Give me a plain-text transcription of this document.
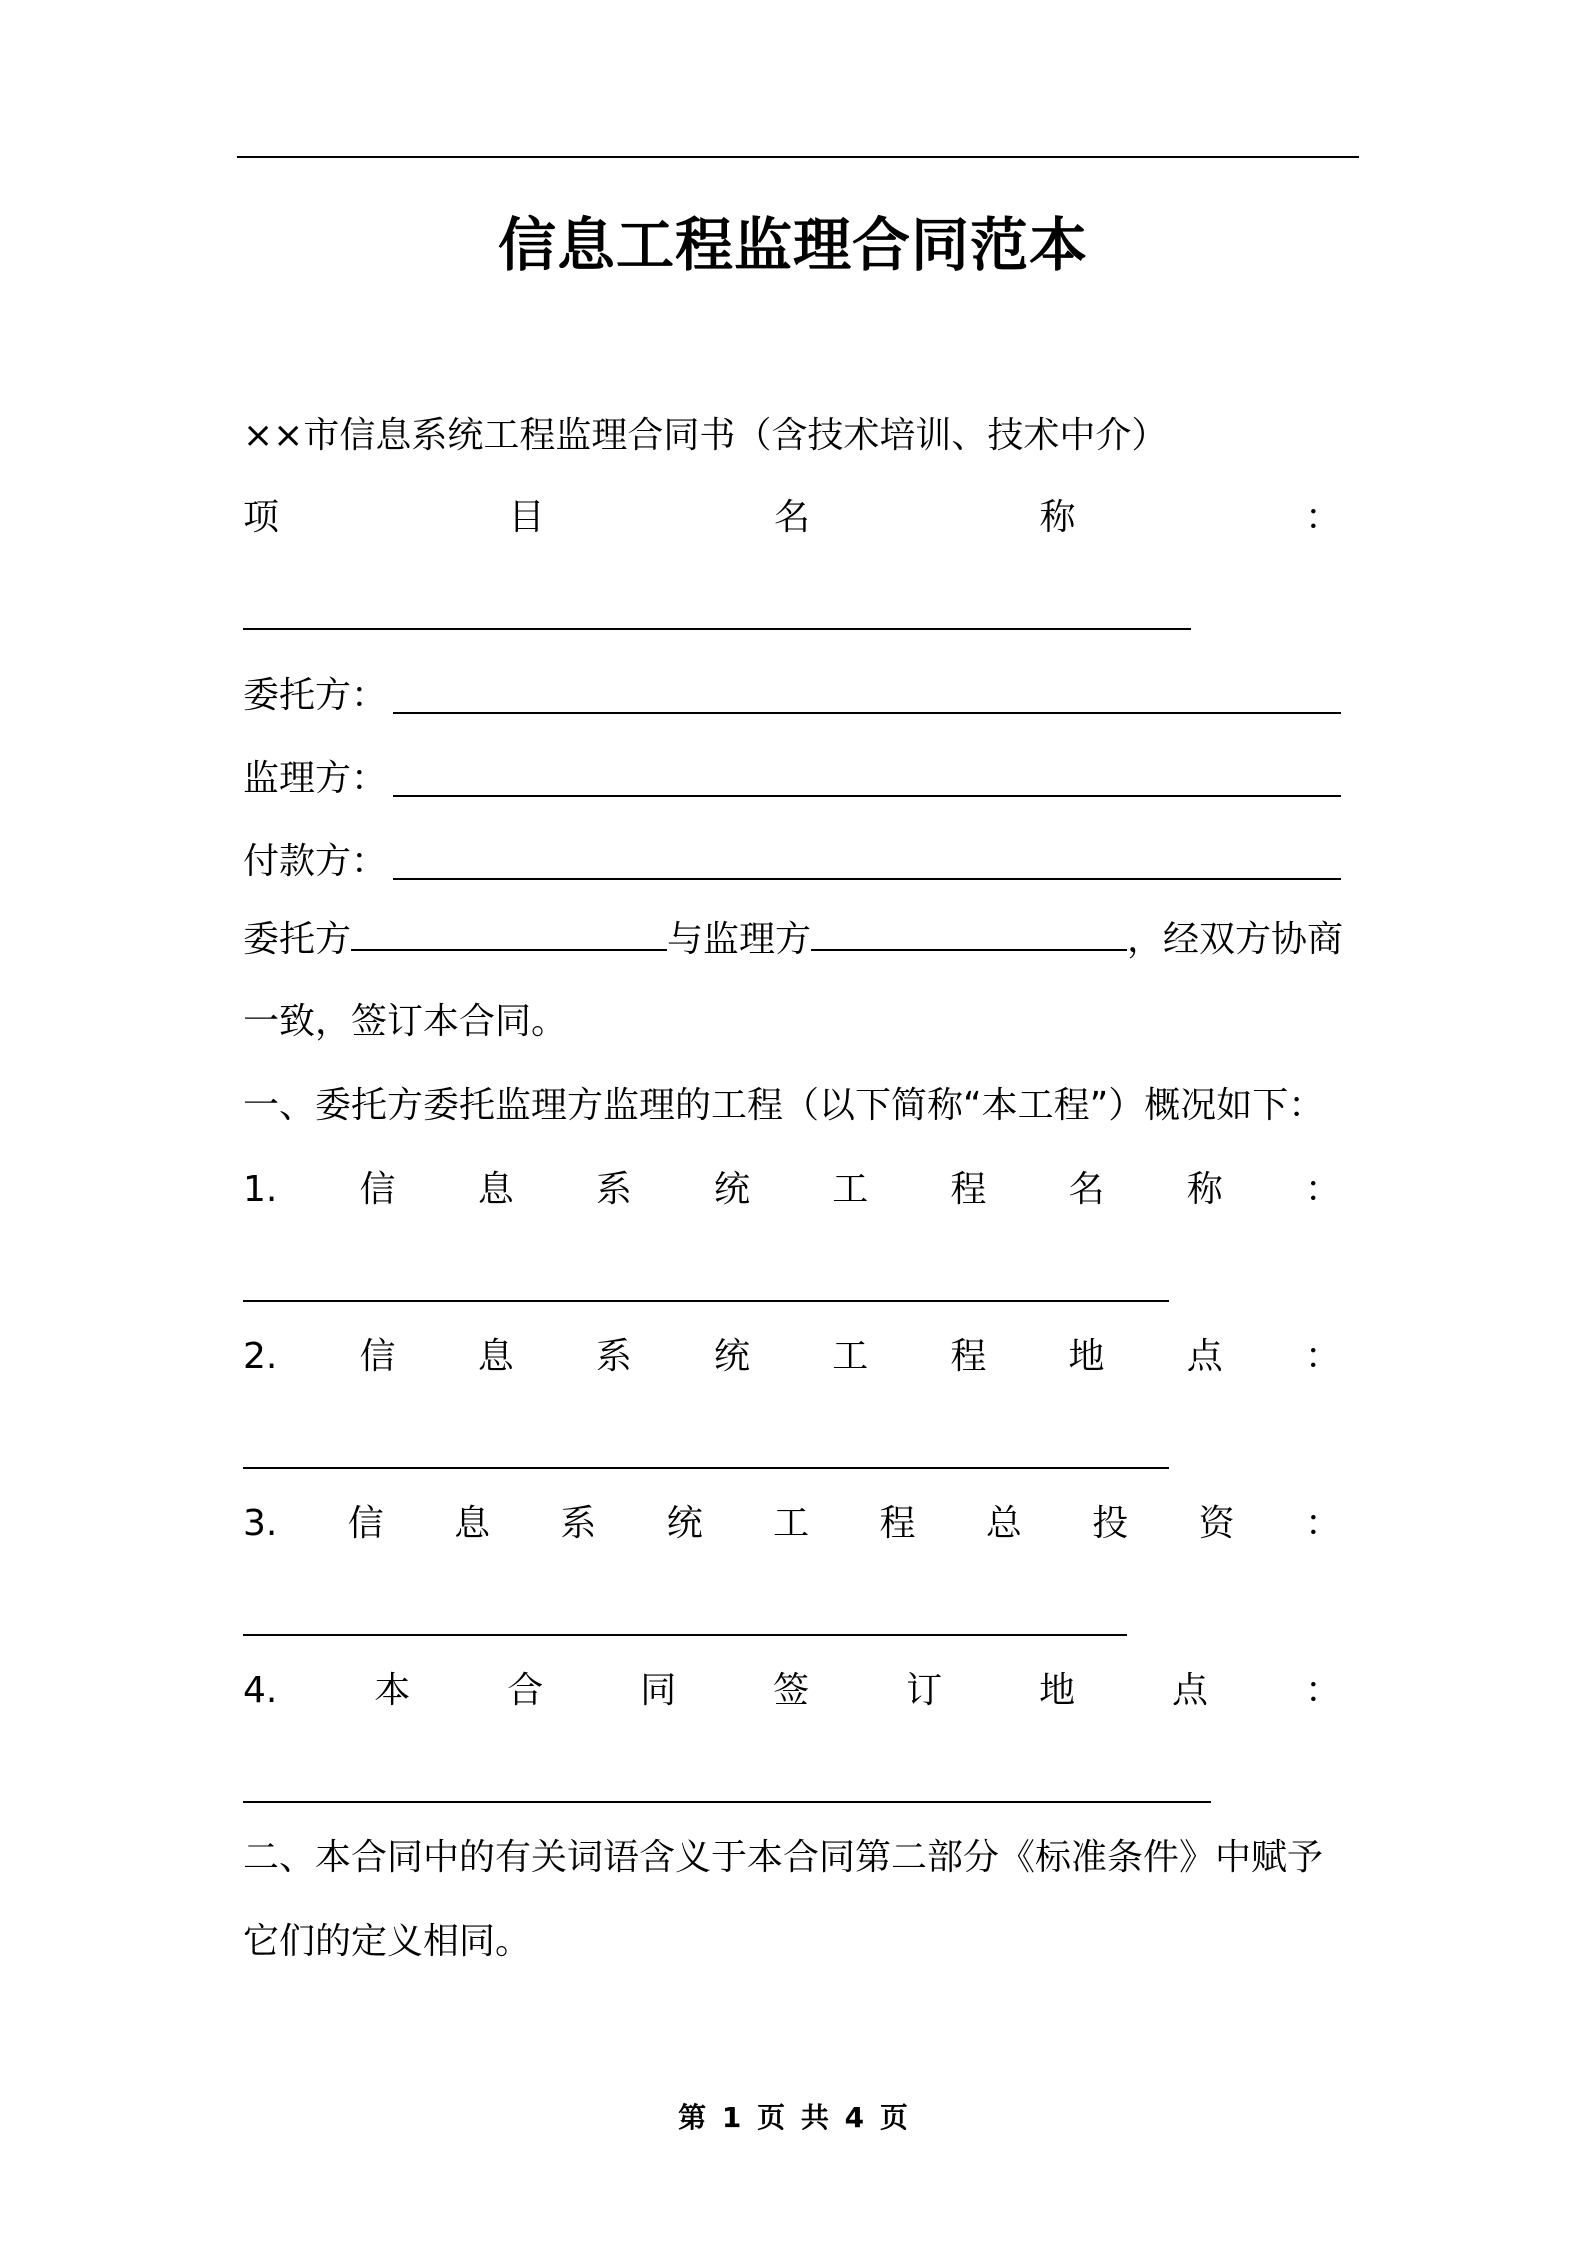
信息工程监理合同范本
××市信息系统工程监理合同书（含技术培训、技术中介）
项	目	名	称	：
委托方：
监理方：
付款方：
委托方	与监理方	，经双方协商
一致，签订本合同。
一、委托方委托监理方监理的工程（以下简称“本工程”）概况如下：
1. 信 息 系 统 工 程 名 称 ：
2. 信 息 系 统 工 程 地 点 ：
3. 信 息 系 统 工 程 总 投 资 ：
4.	本	合	同	签	订	地	点	：
二、本合同中的有关词语含义于本合同第二部分《标准条件》中赋予
它们的定义相同。
第 1 页 共 4 页
